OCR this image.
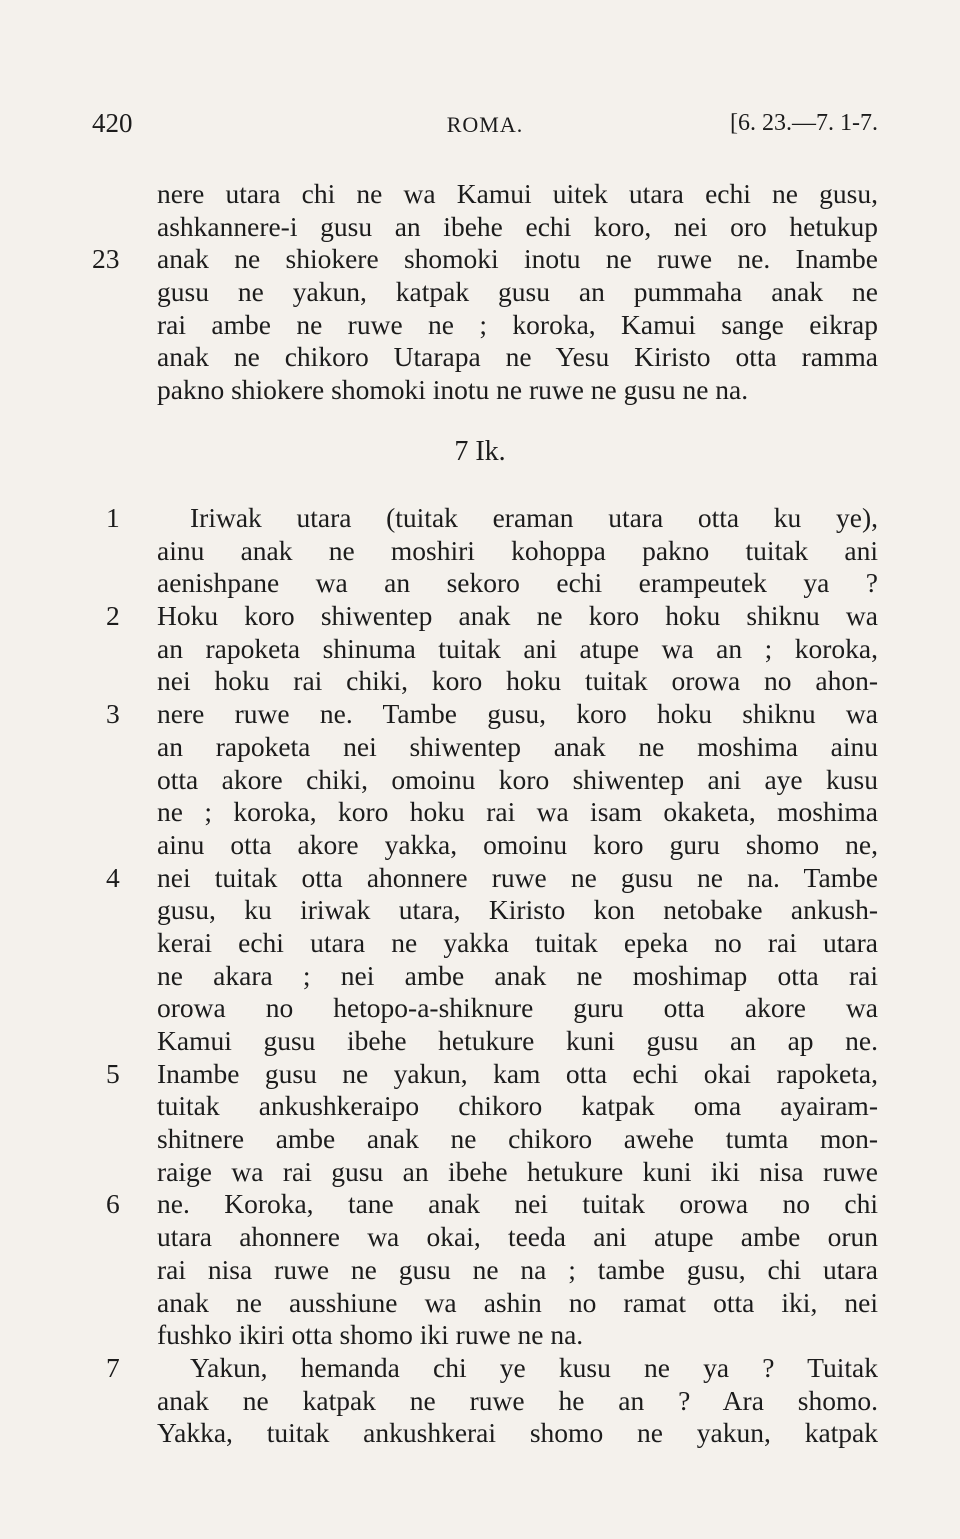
420	ROMA.	[6. 23.—7. 1-7.
nere utara chi ne wa Kamui uitek utara echi ne gusu,
ashkannere-i gusu an ibehe echi koro, nei oro hetukup
23	anak ne shiokere shomoki inotu ne ruwe ne. Inambe
gusu ne yakun, katpak gusu an pummaha anak ne
rai ambe ne ruwe ne ; koroka, Kamui sange eikrap
anak ne chikoro Utarapa ne Yesu Kiristo otta ramma
pakno shiokere shomoki inotu ne ruwe ne gusu ne na.
7 Ik.
1	Iriwak utara (tuitak eraman utara otta ku ye),
ainu anak ne moshiri kohoppa pakno tuitak ani
aenishpane wa an sekoro echi erampeutek ya ?
2	Hoku koro shiwentep anak ne koro hoku shiknu wa
an rapoketa shinuma tuitak ani atupe wa an ; koroka,
nei hoku rai chiki, koro hoku tuitak orowa no ahon-
3	nere ruwe ne. Tambe gusu, koro hoku shiknu wa
an rapoketa nei shiwentep anak ne moshima ainu
otta akore chiki, omoinu koro shiwentep ani aye kusu
ne ; koroka, koro hoku rai wa isam okaketa, moshima
ainu otta akore yakka, omoinu koro guru shomo ne,
4	nei tuitak otta ahonnere ruwe ne gusu ne na. Tambe
gusu, ku iriwak utara, Kiristo kon netobake ankush-
kerai echi utara ne yakka tuitak epeka no rai utara
ne akara ; nei ambe anak ne moshimap otta rai
orowa no hetopo-a-shiknure guru otta akore wa
Kamui gusu ibehe hetukure kuni gusu an ap ne.
5	Inambe gusu ne yakun, kam otta echi okai rapoketa,
tuitak ankushkeraipo chikoro katpak oma ayairam-
shitnere ambe anak ne chikoro awehe tumta mon-
raige wa rai gusu an ibehe hetukure kuni iki nisa ruwe
6	ne. Koroka, tane anak nei tuitak orowa no chi
utara ahonnere wa okai, teeda ani atupe ambe orun
rai nisa ruwe ne gusu ne na ; tambe gusu, chi utara
anak ne ausshiune wa ashin no ramat otta iki, nei
fushko ikiri otta shomo iki ruwe ne na.
7	Yakun, hemanda chi ye kusu ne ya ? Tuitak
anak ne katpak ne ruwe he an ? Ara shomo.
Yakka, tuitak ankushkerai shomo ne yakun, katpak
